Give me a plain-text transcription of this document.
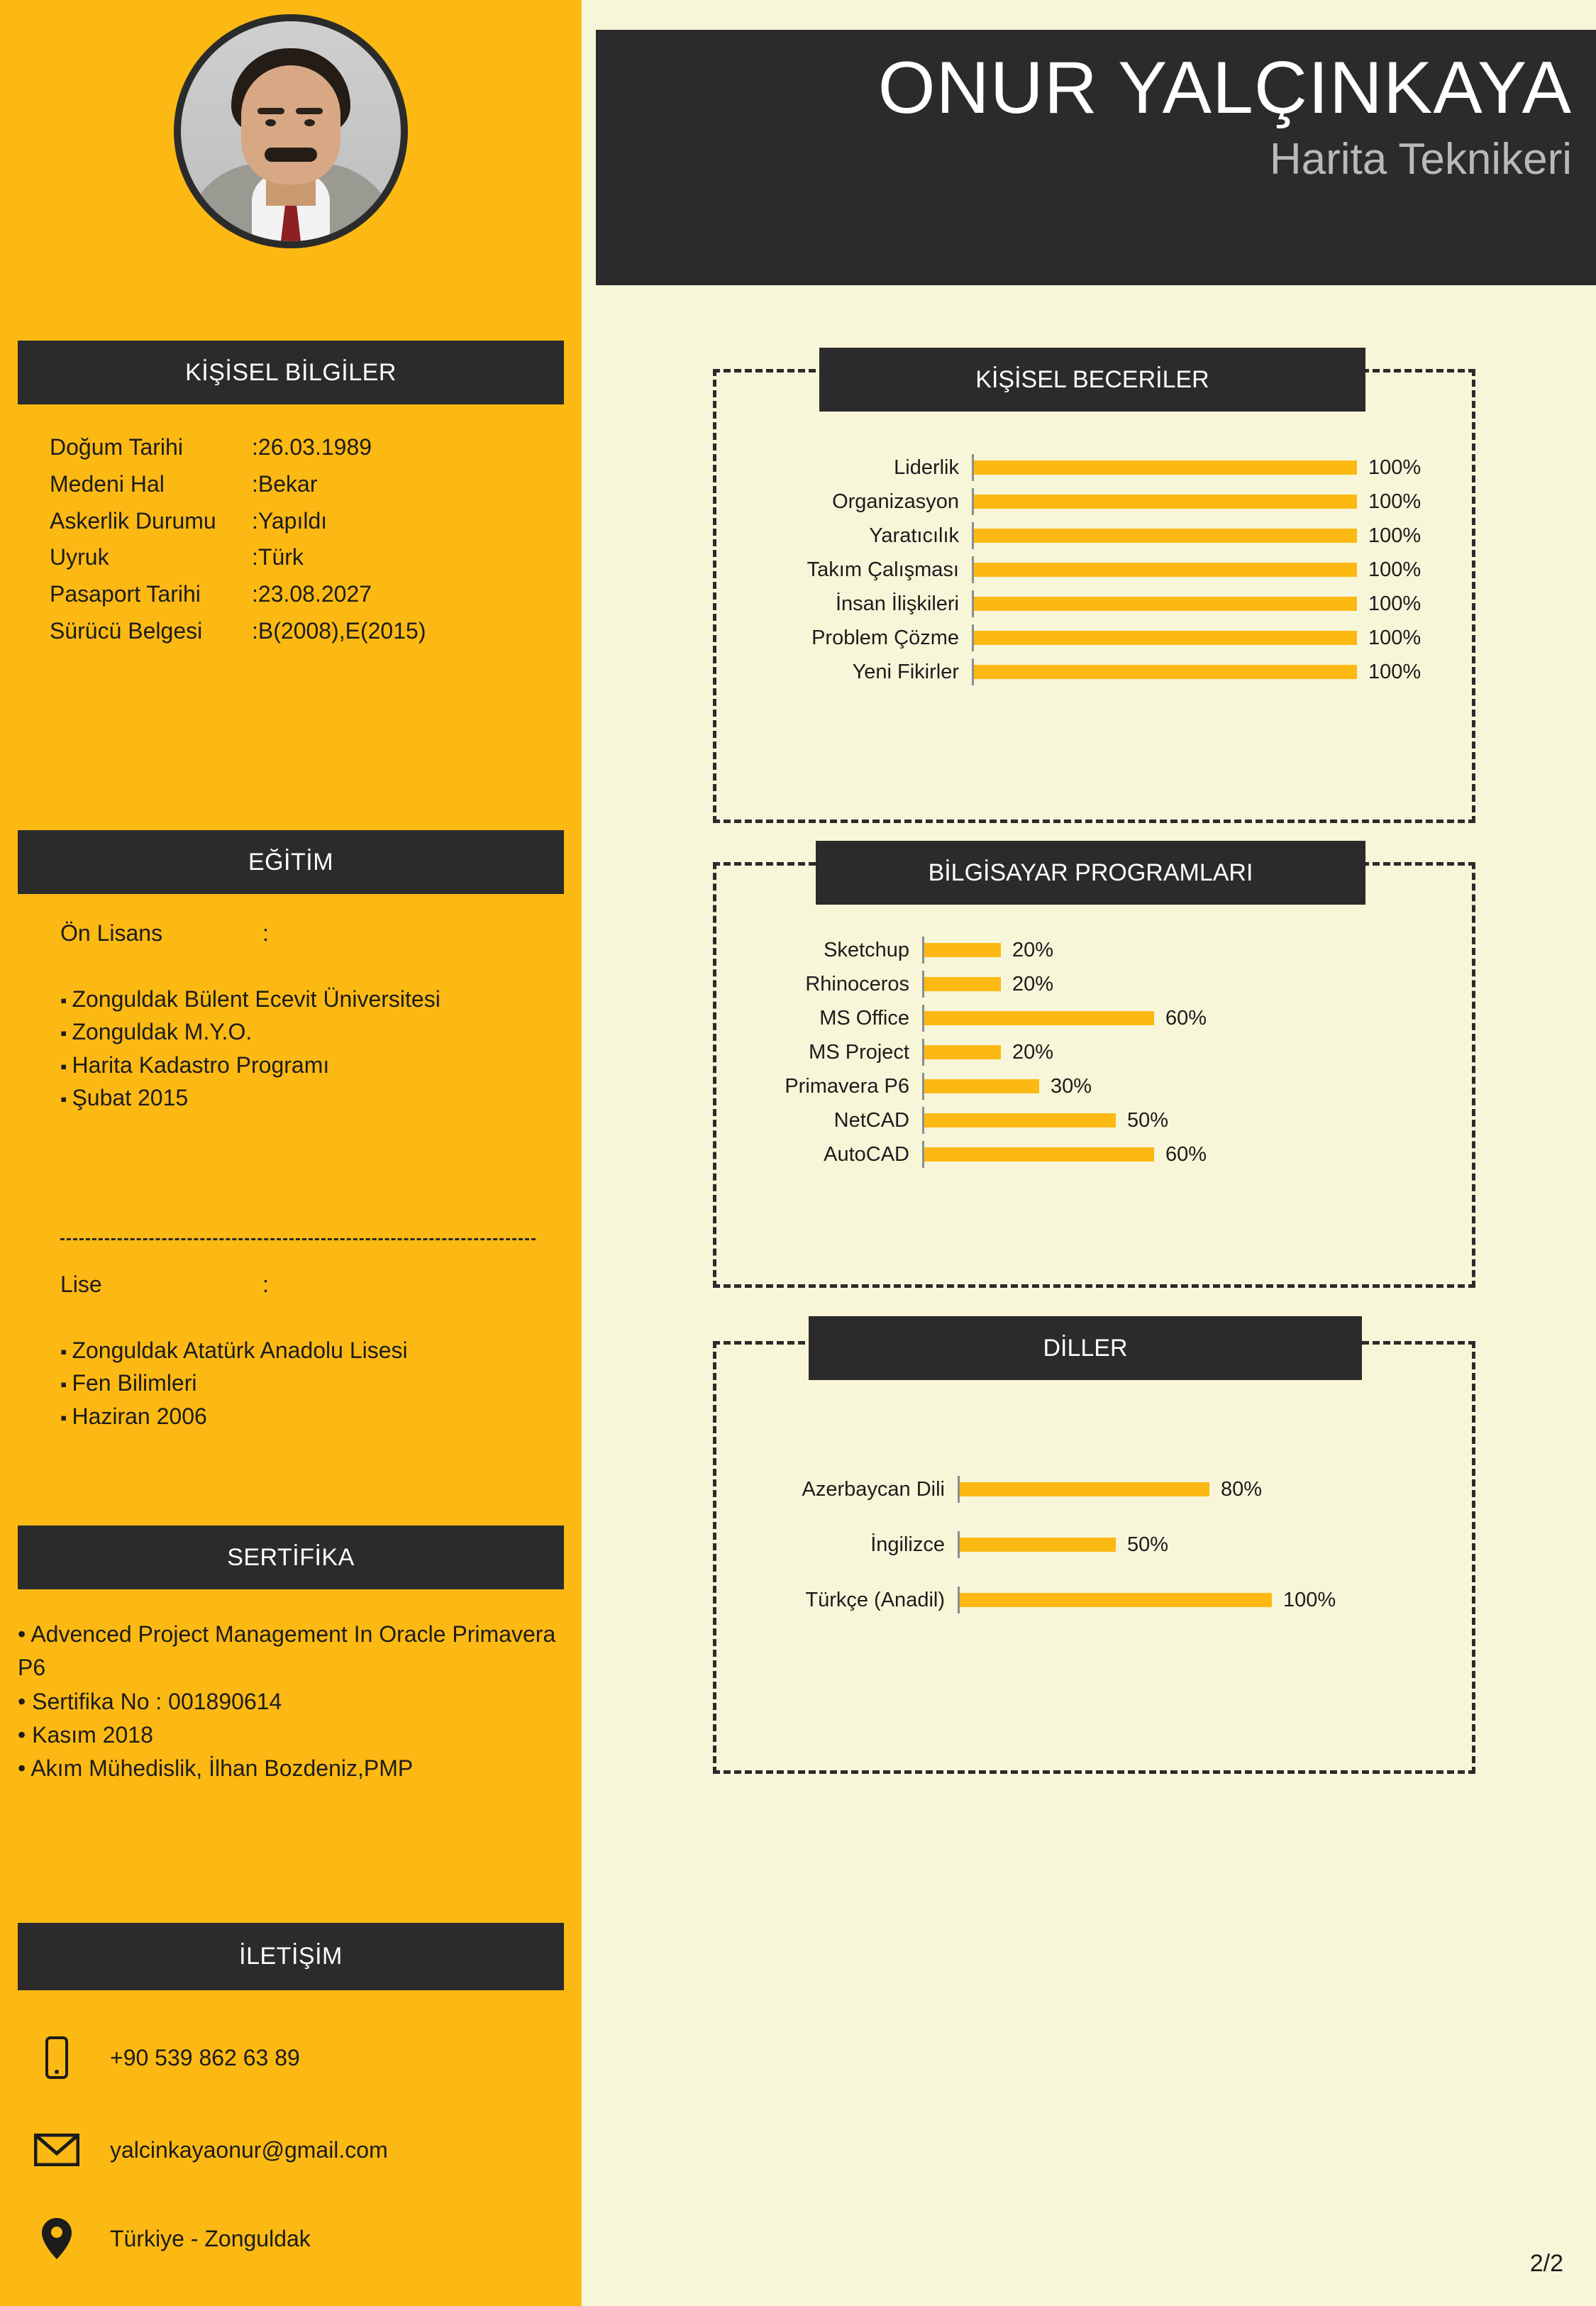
KİŞİSEL BİLGİLER
Doğum Tarihi	:26.03.1989
Medeni Hal	:Bekar
Askerlik Durumu	:Yapıldı
Uyruk	:Türk
Pasaport Tarihi	:23.08.2027
Sürücü Belgesi	:B(2008),E(2015)
EĞİTİM
Ön Lisans	:
▪ Zonguldak Bülent Ecevit Üniversitesi
▪ Zonguldak M.Y.O.
▪ Harita Kadastro Programı
▪ Şubat 2015
Lise	:
▪ Zonguldak Atatürk Anadolu Lisesi
▪ Fen Bilimleri
▪ Haziran 2006
SERTİFİKA
• Advenced Project Management In Oracle Primavera P6
• Sertifika No : 001890614
• Kasım 2018
• Akım Mühedislik, İlhan Bozdeniz,PMP
İLETİŞİM
+90 539 862 63 89
yalcinkayaonur@gmail.com
Türkiye - Zonguldak
ONUR YALÇINKAYA
Harita Teknikeri
KİŞİSEL BECERİLER
Liderlik	100%
Organizasyon	100%
Yaratıcılık	100%
Takım Çalışması	100%
İnsan İlişkileri	100%
Problem Çözme	100%
Yeni Fikirler	100%
BİLGİSAYAR PROGRAMLARI
Sketchup	20%
Rhinoceros	20%
MS Office	60%
MS Project	20%
Primavera P6	30%
NetCAD	50%
AutoCAD	60%
DİLLER
Azerbaycan Dili	80%
İngilizce	50%
Türkçe (Anadil)	100%
2/2
